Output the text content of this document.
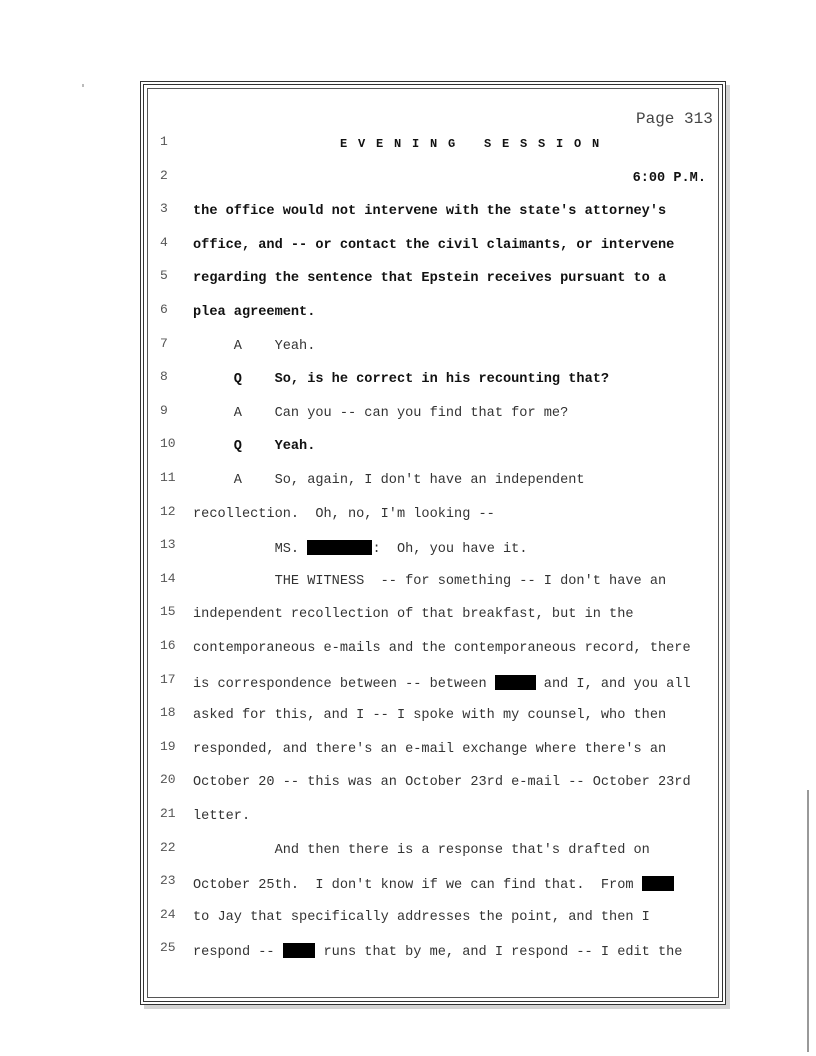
Page 313
1	EVENING SESSION
2	6:00 P.M.
3	the office would not intervene with the state's attorney's
4	office, and -- or contact the civil claimants, or intervene
5	regarding the sentence that Epstein receives pursuant to a
6	plea agreement.
7	A    Yeah.
8	Q    So, is he correct in his recounting that?
9	A    Can you -- can you find that for me?
10	Q    Yeah.
11	A    So, again, I don't have an independent
12	recollection.  Oh, no, I'm looking --
13	MS.	:  Oh, you have it.
14	THE WITNESS  -- for something -- I don't have an
15	independent recollection of that breakfast, but in the
16	contemporaneous e-mails and the contemporaneous record, there
17	is correspondence between -- between	and I, and you all
18	asked for this, and I -- I spoke with my counsel, who then
19	responded, and there's an e-mail exchange where there's an
20	October 20 -- this was an October 23rd e-mail -- October 23rd
21	letter.
22	And then there is a response that's drafted on
23	October 25th.  I don't know if we can find that.  From
24	to Jay that specifically addresses the point, and then I
25	respond --  runs that by me, and I respond -- I edit the
